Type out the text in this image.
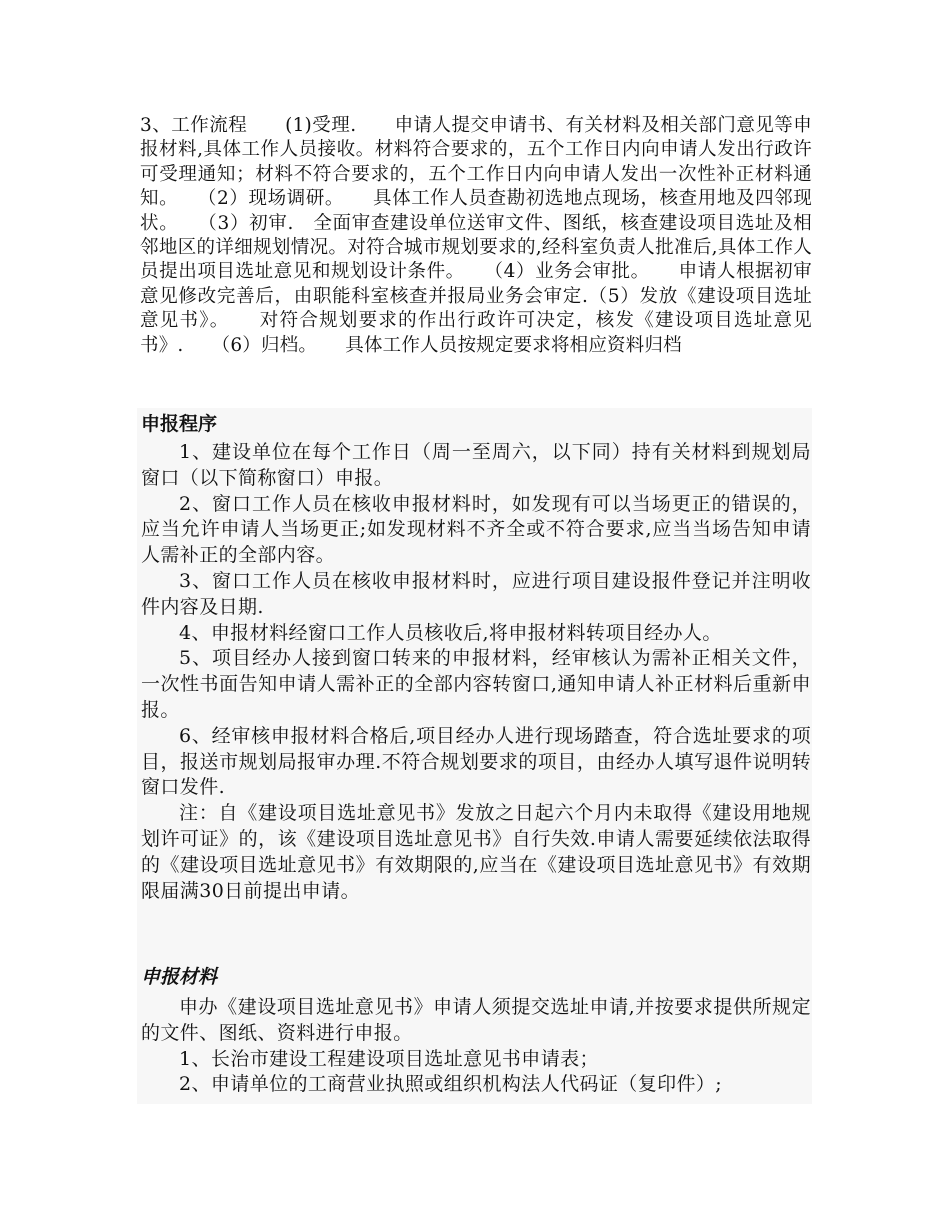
3、工作流程　　(1)受理.　　申请人提交申请书、有关材料及相关部门意见等申报材料,具体工作人员接收。材料符合要求的，五个工作日内向申请人发出行政许可受理通知；材料不符合要求的，五个工作日内向申请人发出一次性补正材料通知。　　（2）现场调研。　　具体工作人员查勘初选地点现场，核查用地及四邻现状。　　（3）初审.　全面审查建设单位送审文件、图纸，核查建设项目选址及相邻地区的详细规划情况。对符合城市规划要求的,经科室负责人批准后,具体工作人员提出项目选址意见和规划设计条件。　　（4）业务会审批。　　申请人根据初审意见修改完善后，由职能科室核查并报局业务会审定.（5）发放《建设项目选址意见书》。　　对符合规划要求的作出行政许可决定，核发《建设项目选址意见书》.　　（6）归档。　　具体工作人员按规定要求将相应资料归档

申报程序

1、建设单位在每个工作日（周一至周六，以下同）持有关材料到规划局窗口（以下简称窗口）申报。

2、窗口工作人员在核收申报材料时，如发现有可以当场更正的错误的，应当允许申请人当场更正;如发现材料不齐全或不符合要求,应当当场告知申请人需补正的全部内容。

3、窗口工作人员在核收申报材料时，应进行项目建设报件登记并注明收件内容及日期.

4、申报材料经窗口工作人员核收后,将申报材料转项目经办人。

5、项目经办人接到窗口转来的申报材料，经审核认为需补正相关文件，一次性书面告知申请人需补正的全部内容转窗口,通知申请人补正材料后重新申报。

6、经审核申报材料合格后,项目经办人进行现场踏查，符合选址要求的项目，报送市规划局报审办理.不符合规划要求的项目，由经办人填写退件说明转窗口发件.

注：自《建设项目选址意见书》发放之日起六个月内未取得《建设用地规划许可证》的，该《建设项目选址意见书》自行失效.申请人需要延续依法取得的《建设项目选址意见书》有效期限的,应当在《建设项目选址意见书》有效期限届满30日前提出申请。

申报材料

申办《建设项目选址意见书》申请人须提交选址申请,并按要求提供所规定的文件、图纸、资料进行申报。

1、长治市建设工程建设项目选址意见书申请表；

2、申请单位的工商营业执照或组织机构法人代码证（复印件）;
